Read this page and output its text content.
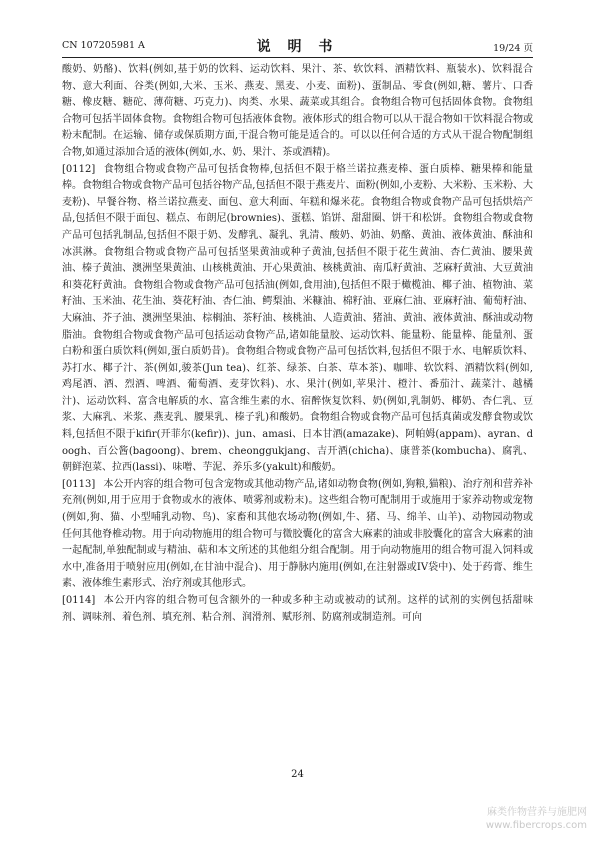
CN 107205981 A	说 明 书	19/24 页

酸奶、奶酪)、饮料(例如,基于奶的饮料、运动饮料、果汁、茶、软饮料、酒精饮料、瓶装水)、饮料混合物、意大利面、谷类(例如,大米、玉米、燕麦、黑麦、小麦、面粉)、蛋制品、零食(例如,糖、薯片、口香糖、橡皮糖、糖砣、薄荷糖、巧克力)、肉类、水果、蔬菜或其组合。食物组合物可包括固体食物。食物组合物可包括半固体食物。食物组合物可包括液体食物。液体形式的组合物可以从干混合物如干饮料混合物或粉末配制。在运输、储存或保质期方面,干混合物可能是适合的。可以以任何合适的方式从干混合物配制组合物,如通过添加合适的液体(例如,水、奶、果汁、茶或酒精)。

[0112] 食物组合物或食物产品可包括食物棒,包括但不限于格兰诺拉燕麦棒、蛋白质棒、糖果棒和能量棒。食物组合物或食物产品可包括谷物产品,包括但不限于燕麦片、面粉(例如,小麦粉、大米粉、玉米粉、大麦粉)、早餐谷物、格兰诺拉燕麦、面包、意大利面、年糕和爆米花。食物组合物或食物产品可包括烘焙产品,包括但不限于面包、糕点、布朗尼(brownies)、蛋糕、馅饼、甜甜圈、饼干和松饼。食物组合物或食物产品可包括乳制品,包括但不限于奶、发酵乳、凝乳、乳清、酸奶、奶油、奶酪、黄油、液体黄油、酥油和冰淇淋。食物组合物或食物产品可包括坚果黄油或种子黄油,包括但不限于花生黄油、杏仁黄油、腰果黄油、榛子黄油、澳洲坚果黄油、山核桃黄油、开心果黄油、核桃黄油、南瓜籽黄油、芝麻籽黄油、大豆黄油和葵花籽黄油。食物组合物或食物产品可包括油(例如,食用油),包括但不限于橄榄油、椰子油、植物油、菜籽油、玉米油、花生油、葵花籽油、杏仁油、鳄梨油、米糠油、棉籽油、亚麻仁油、亚麻籽油、葡萄籽油、大麻油、芥子油、澳洲坚果油、棕榈油、茶籽油、核桃油、人造黄油、猪油、黄油、液体黄油、酥油或动物脂油。食物组合物或食物产品可包括运动食物产品,诸如能量胶、运动饮料、能量粉、能量棒、能量剂、蛋白粉和蛋白质饮料(例如,蛋白质奶昔)。食物组合物或食物产品可包括饮料,包括但不限于水、电解质饮料、苏打水、椰子汁、茶(例如,骏茶(Jun tea)、红茶、绿茶、白茶、草本茶)、咖啡、软饮料、酒精饮料(例如,鸡尾酒、酒、烈酒、啤酒、葡萄酒、麦芽饮料)、水、果汁(例如,苹果汁、橙汁、番茄汁、蔬菜汁、越橘汁)、运动饮料、富含电解质的水、富含维生素的水、宿醉恢复饮料、奶(例如,乳制奶、椰奶、杏仁乳、豆浆、大麻乳、米浆、燕麦乳、腰果乳、榛子乳)和酸奶。食物组合物或食物产品可包括真菌或发酵食物或饮料,包括但不限于kifir(开菲尔(kefir))、jun、amasi、日本甘酒(amazake)、阿帕姆(appam)、ayran、doogh、百公酱(bagoong)、brem、cheonggukjang、吉开酒(chicha)、康普茶(kombucha)、腐乳、朝鲜泡菜、拉西(lassi)、味噌、芋泥、养乐多(yakult)和酸奶。

[0113] 本公开内容的组合物可包含宠物或其他动物产品,诸如动物食物(例如,狗粮,猫粮)、治疗剂和营养补充剂(例如,用于应用于食物或水的液体、喷雾剂或粉末)。这些组合物可配制用于或施用于家养动物或宠物(例如,狗、猫、小型哺乳动物、鸟)、家畜和其他农场动物(例如,牛、猪、马、绵羊、山羊)、动物园动物或任何其他脊椎动物。用于向动物施用的组合物可与微胶囊化的富含大麻素的油或非胶囊化的富含大麻素的油一起配制,单独配制或与精油、萜和本文所述的其他组分组合配制。用于向动物施用的组合物可混入饲料或水中,准备用于喷射应用(例如,在甘油中混合)、用于静脉内施用(例如,在注射器或IV袋中)、处于药膏、维生素、液体维生素形式、治疗剂或其他形式。

[0114] 本公开内容的组合物可包含额外的一种或多种主动或被动的试剂。这样的试剂的实例包括甜味剂、调味剂、着色剂、填充剂、粘合剂、润滑剂、赋形剂、防腐剂或制造剂。可向

24
麻类作物营养与施肥网
www.fibercrops.com
